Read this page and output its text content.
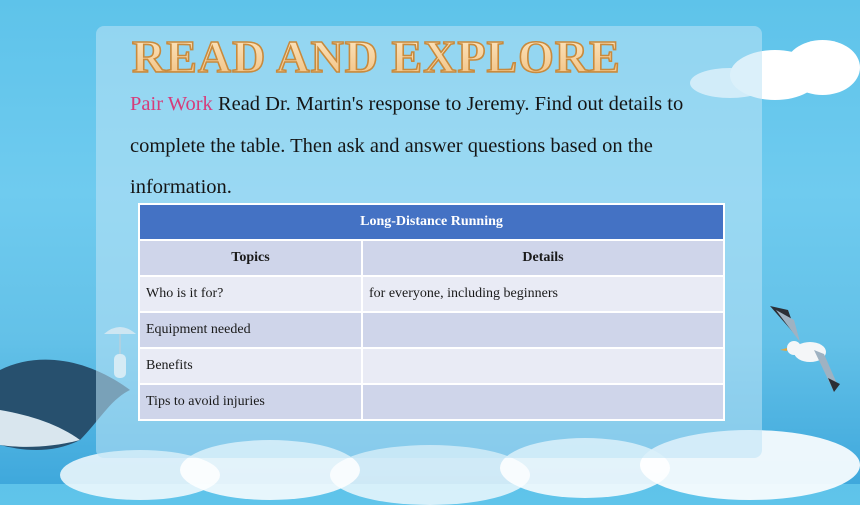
READ AND EXPLORE
Pair Work Read Dr. Martin's response to Jeremy. Find out details to complete the table. Then ask and answer questions based on the information.
Long-Distance Running	
Topics	Details
Who is it for?	for everyone, including beginners
Equipment needed	
Benefits	
Tips to avoid injuries	
